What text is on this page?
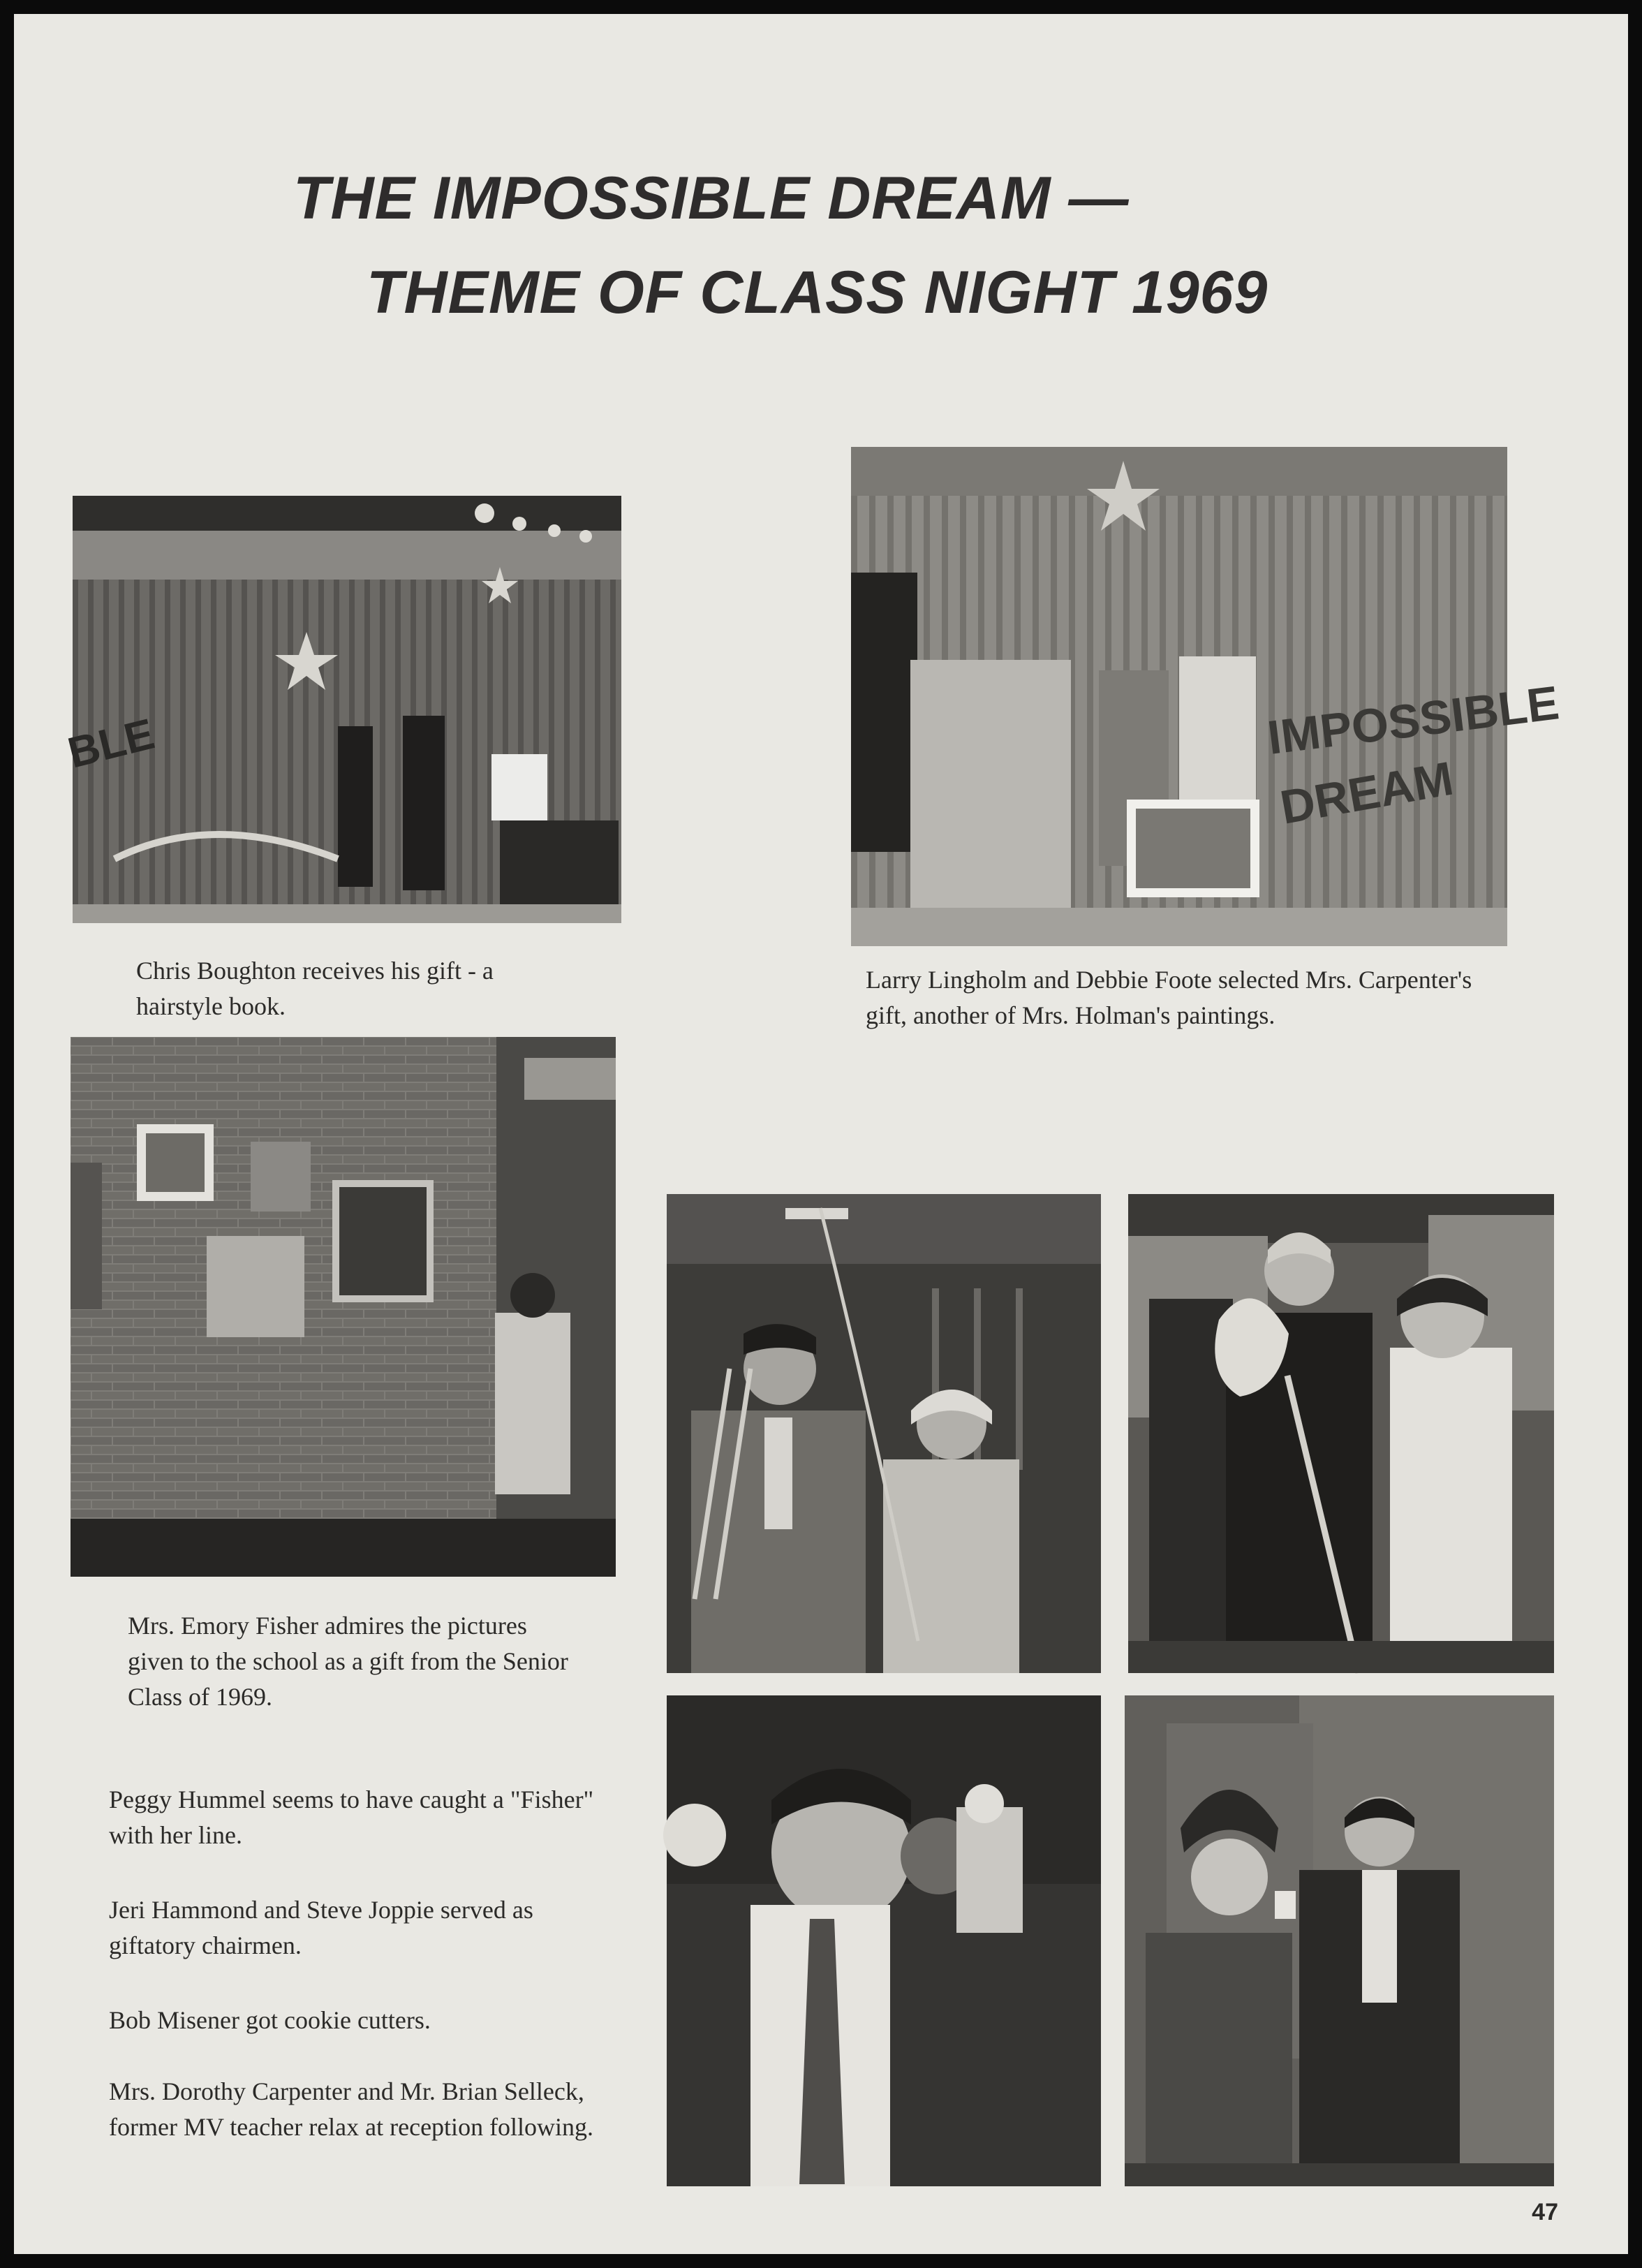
THE IMPOSSIBLE DREAM —
THEME OF CLASS NIGHT 1969
BLE	IMPOSSIBLE
DREAM

Chris Boughton receives his gift - a hairstyle book.

Larry Lingholm and Debbie Foote selected Mrs. Carpenter's gift, another of Mrs. Holman's paintings.

Mrs. Emory Fisher admires the pictures given to the school as a gift from the Senior Class of 1969.

Peggy Hummel seems to have caught a "Fisher" with her line.

Jeri Hammond and Steve Joppie served as giftatory chairmen.

Bob Misener got cookie cutters.

Mrs. Dorothy Carpenter and Mr. Brian Selleck, former MV teacher relax at reception following.

47
